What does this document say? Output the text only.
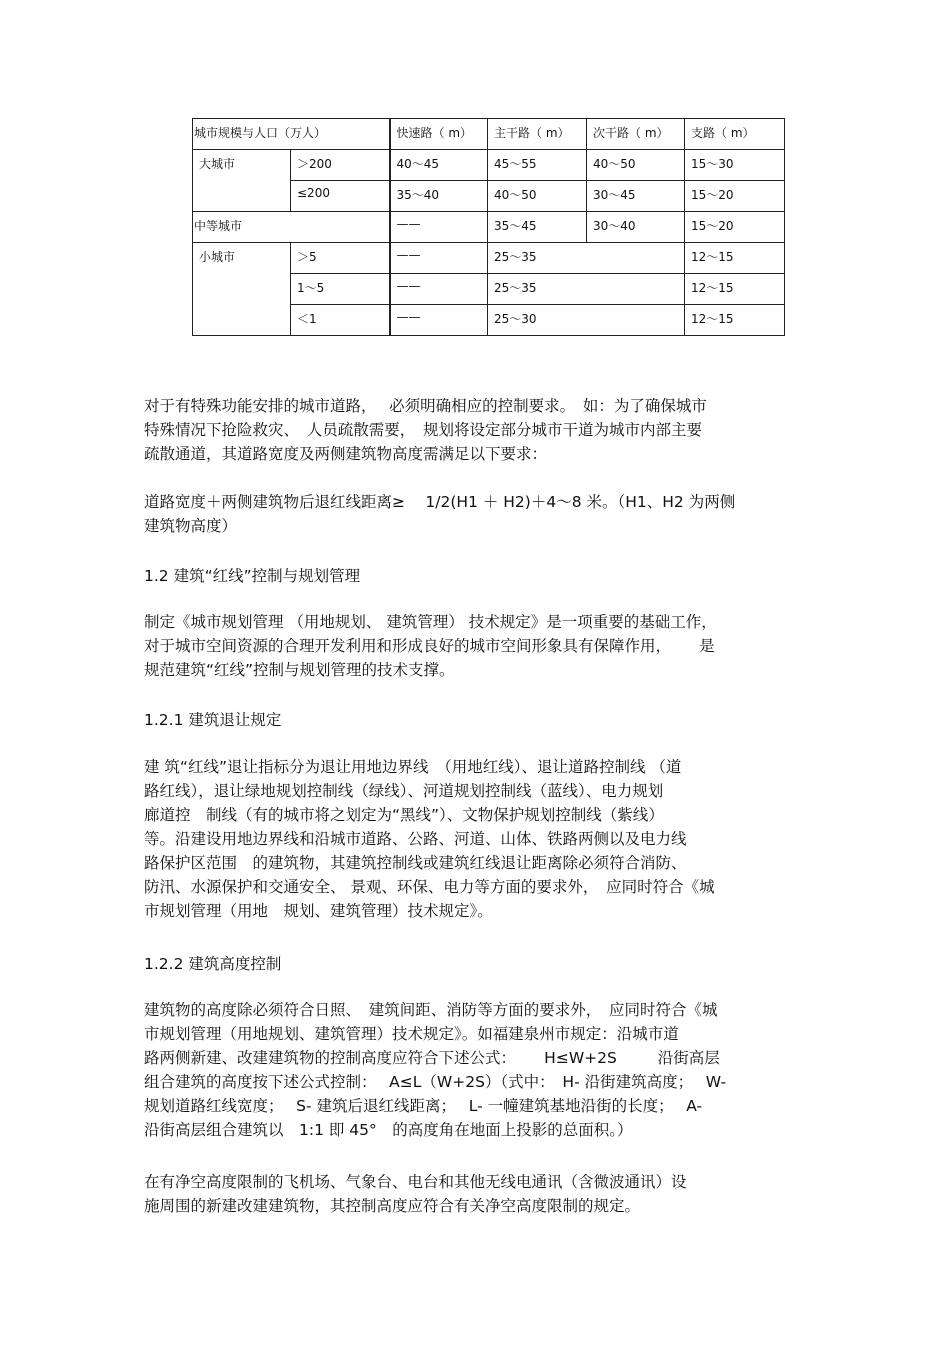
城市规模与人口（万人）		快速路（ m）	主干路（ m）	次干路（ m）	支路（ m）
大城市	＞200	40～45	45～55	40～50	15～30
	≤200	35～40	40～50	30～45	15～20
中等城市		——	35～45	30～40	15～20
小城市	＞5	——	25～35		12～15
	1～5	——	25～35		12～15
	＜1	——	25～30		12～15
对于有特殊功能安排的城市道路，　 必须明确相应的控制要求。　如：为了确保城市
特殊情况下抢险救灾、　人员疏散需要，　规划将设定部分城市干道为城市内部主要
疏散通道，其道路宽度及两侧建筑物高度需满足以下要求：
道路宽度＋两侧建筑物后退红线距离≥　 1/2(H1 ＋ H2)＋4～8 米。（H1、H2 为两侧
建筑物高度）
1.2 建筑“红线”控制与规划管理
制定《城市规划管理 （用地规划、 建筑管理） 技术规定》是一项重要的基础工作，
对于城市空间资源的合理开发利用和形成良好的城市空间形象具有保障作用，　　 是
规范建筑“红线”控制与规划管理的技术支撑。
1.2.1 建筑退让规定
建 筑“红线”退让指标分为退让用地边界线　（用地红线）、退让道路控制线 （道
路红线），退让绿地规划控制线（绿线）、河道规划控制线（蓝线）、电力规划
廊道控　制线（有的城市将之划定为“黑线”）、文物保护规划控制线（紫线）
等。沿建设用地边界线和沿城市道路、公路、河道、山体、铁路两侧以及电力线
路保护区范围　的建筑物，其建筑控制线或建筑红线退让距离除必须符合消防、
防汛、水源保护和交通安全、 景观、环保、电力等方面的要求外，　应同时符合《城
市规划管理（用地　规划、建筑管理）技术规定》。
1.2.2 建筑高度控制
建筑物的高度除必须符合日照、　建筑间距、消防等方面的要求外，　应同时符合《城
市规划管理（用地规划、建筑管理）技术规定》。如福建泉州市规定：沿城市道
路两侧新建、改建建筑物的控制高度应符合下述公式：　　 H≤W+2S 　　 沿街高层
组合建筑的高度按下述公式控制：　 A≤L（W+2S）（式中：　H- 沿街建筑高度；　 W-
规划道路红线宽度；　 S- 建筑后退红线距离；　 L- 一幢建筑基地沿街的长度；　 A-
沿街高层组合建筑以　1:1 即 45°　的高度角在地面上投影的总面积。）
在有净空高度限制的飞机场、气象台、电台和其他无线电通讯（含微波通讯）设
施周围的新建改建建筑物，其控制高度应符合有关净空高度限制的规定。
